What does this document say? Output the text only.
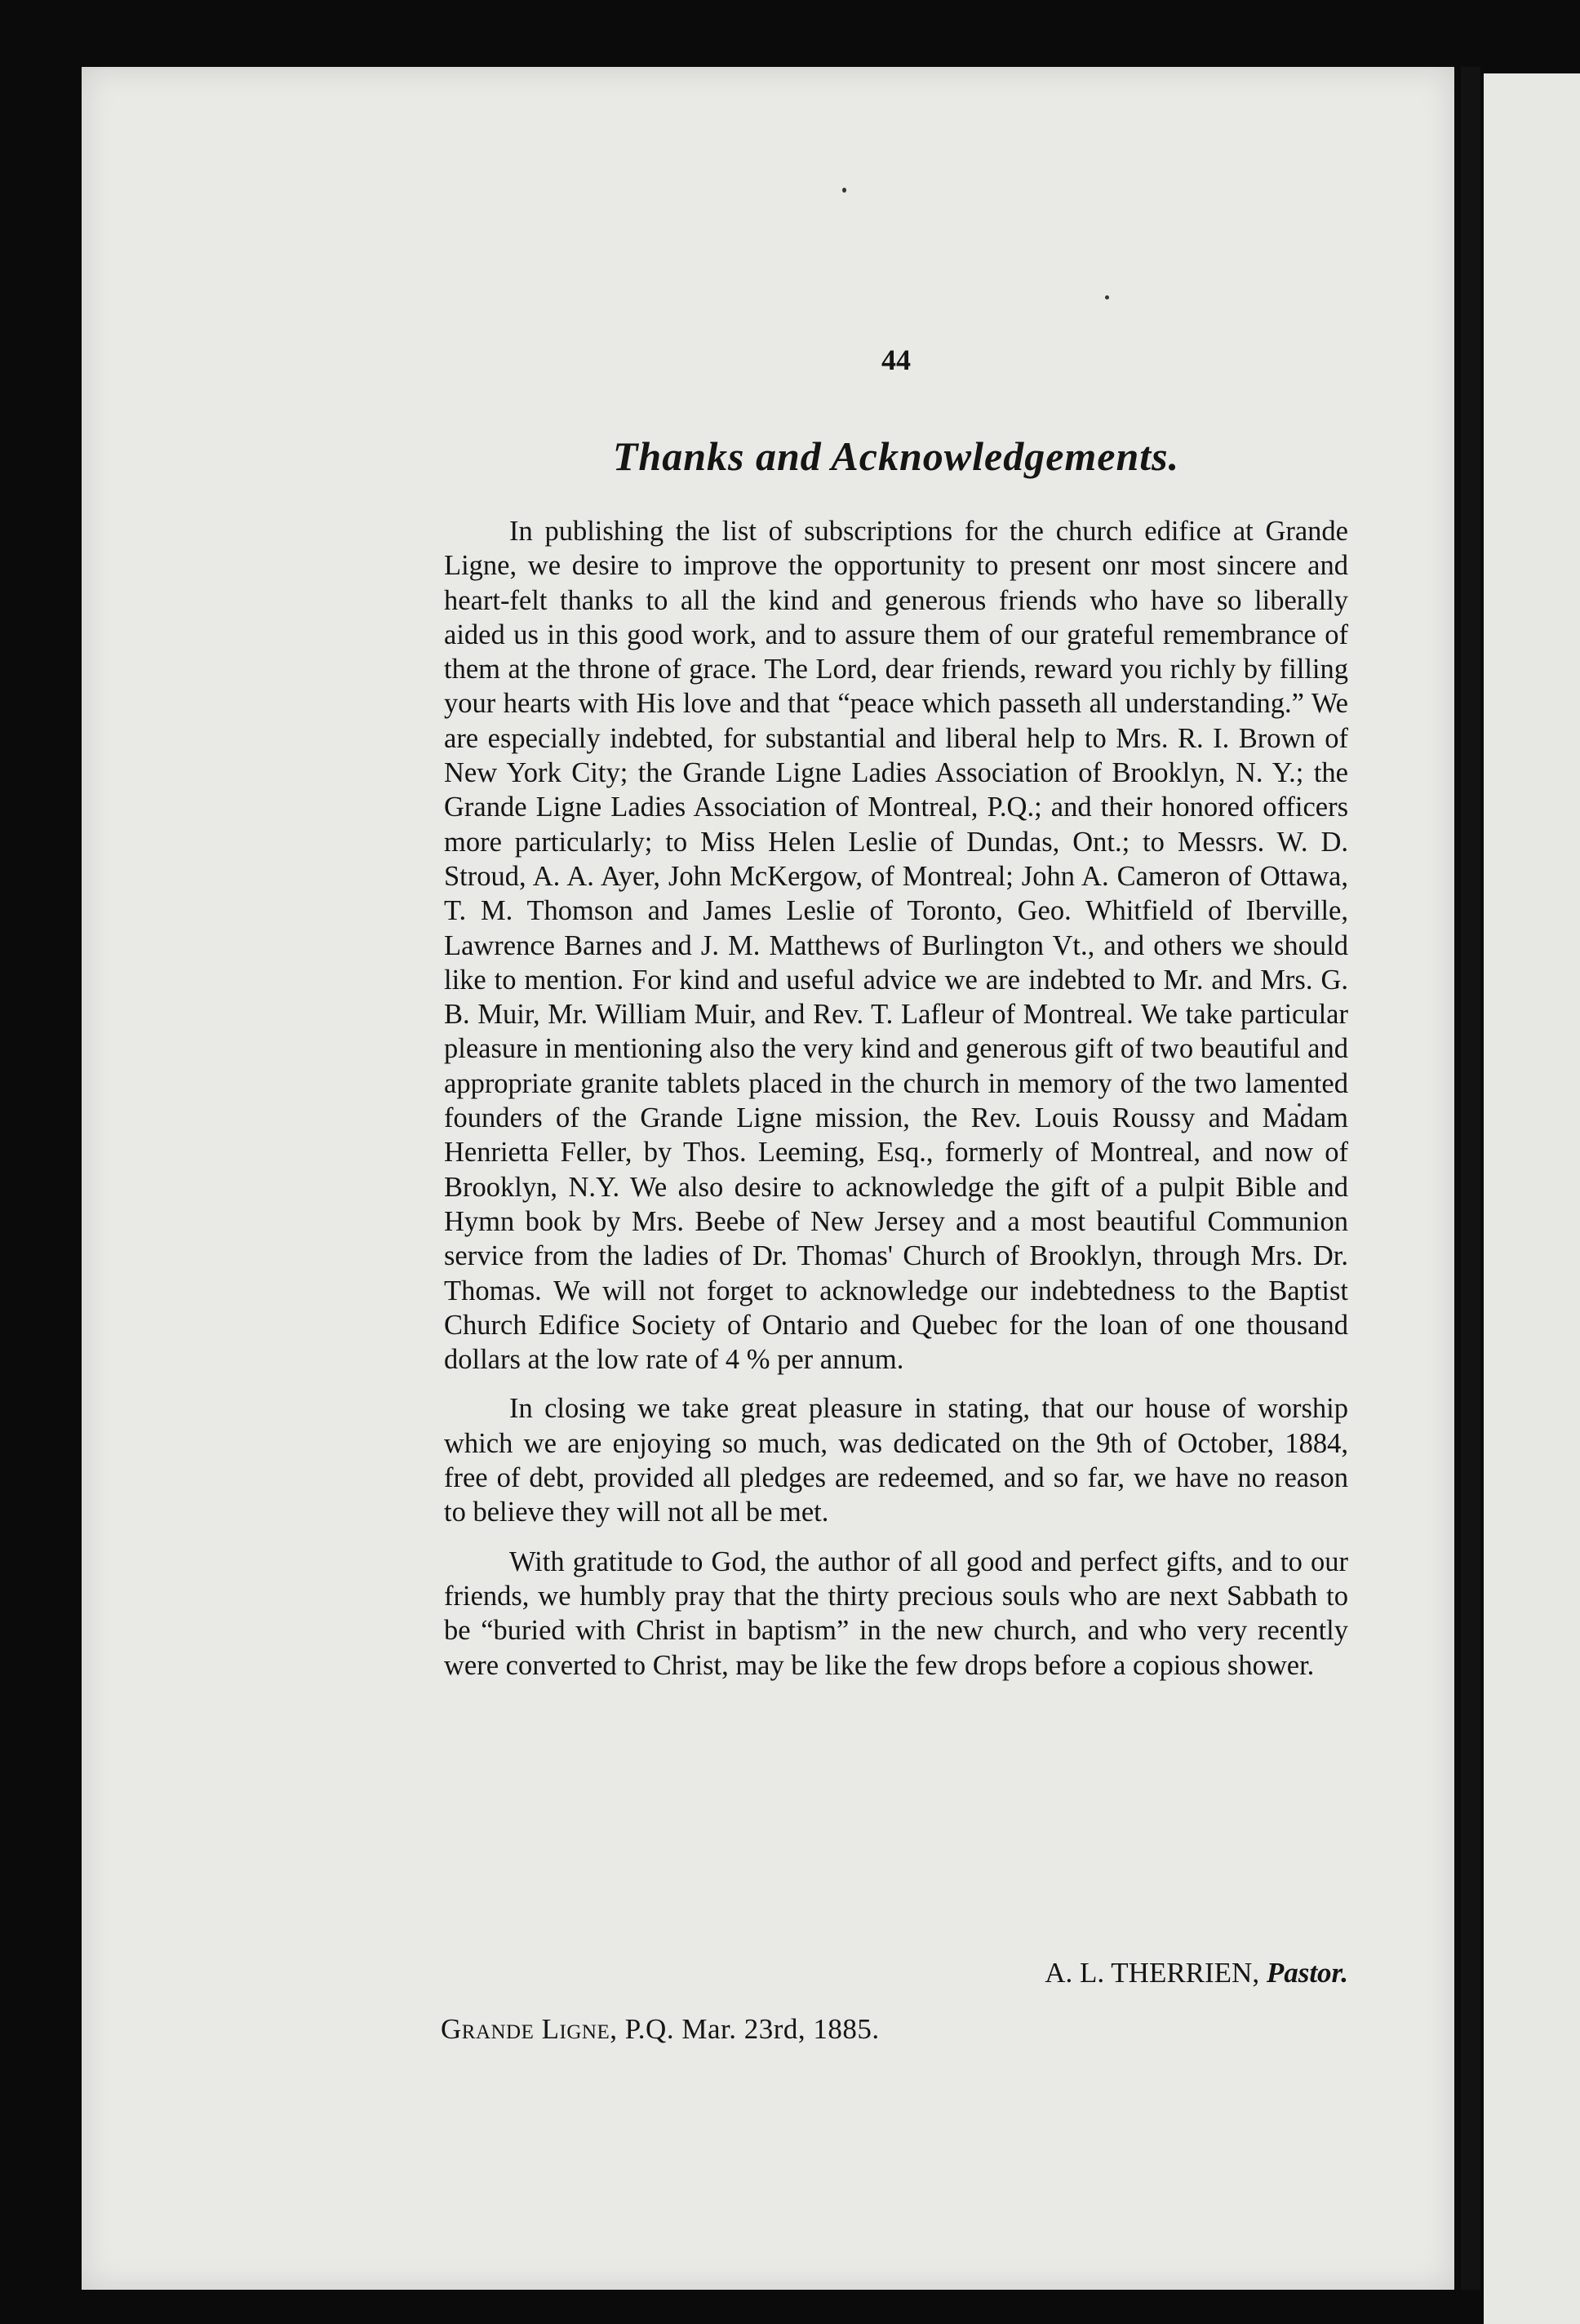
44
Thanks and Acknowledgements.

In publishing the list of subscriptions for the church edifice at Grande Ligne, we desire to improve the opportunity to present onr most sincere and heart-felt thanks to all the kind and generous friends who have so liberally aided us in this good work, and to assure them of our grateful remembrance of them at the throne of grace. The Lord, dear friends, reward you richly by filling your hearts with His love and that “peace which passeth all understanding.” We are especially indebted, for substantial and liberal help to Mrs. R. I. Brown of New York City; the Grande Ligne Ladies Association of Brooklyn, N. Y.; the Grande Ligne Ladies Association of Montreal, P.Q.; and their honored officers more particularly; to Miss Helen Leslie of Dundas, Ont.; to Messrs. W. D. Stroud, A. A. Ayer, John McKergow, of Montreal; John A. Cameron of Ottawa, T. M. Thomson and James Leslie of Toronto, Geo. Whitfield of Iberville, Lawrence Barnes and J. M. Matthews of Burlington Vt., and others we should like to mention. For kind and useful advice we are indebted to Mr. and Mrs. G. B. Muir, Mr. William Muir, and Rev. T. Lafleur of Montreal. We take particular pleasure in mentioning also the very kind and generous gift of two beautiful and appropriate granite tablets placed in the church in memory of the two lamented founders of the Grande Ligne mission, the Rev. Louis Roussy and Madam Henrietta Feller, by Thos. Leeming, Esq., formerly of Montreal, and now of Brooklyn, N.Y. We also desire to acknowledge the gift of a pulpit Bible and Hymn book by Mrs. Beebe of New Jersey and a most beautiful Communion service from the ladies of Dr. Thomas' Church of Brooklyn, through Mrs. Dr. Thomas. We will not forget to acknowledge our indebtedness to the Baptist Church Edifice Society of Ontario and Quebec for the loan of one thousand dollars at the low rate of 4 % per annum.

In closing we take great pleasure in stating, that our house of worship which we are enjoying so much, was dedicated on the 9th of October, 1884, free of debt, provided all pledges are redeemed, and so far, we have no reason to believe they will not all be met.

With gratitude to God, the author of all good and perfect gifts, and to our friends, we humbly pray that the thirty precious souls who are next Sabbath to be “buried with Christ in baptism” in the new church, and who very recently were converted to Christ, may be like the few drops before a copious shower.

A. L. THERRIEN, Pastor.
Grande Ligne, P.Q. Mar. 23rd, 1885.
